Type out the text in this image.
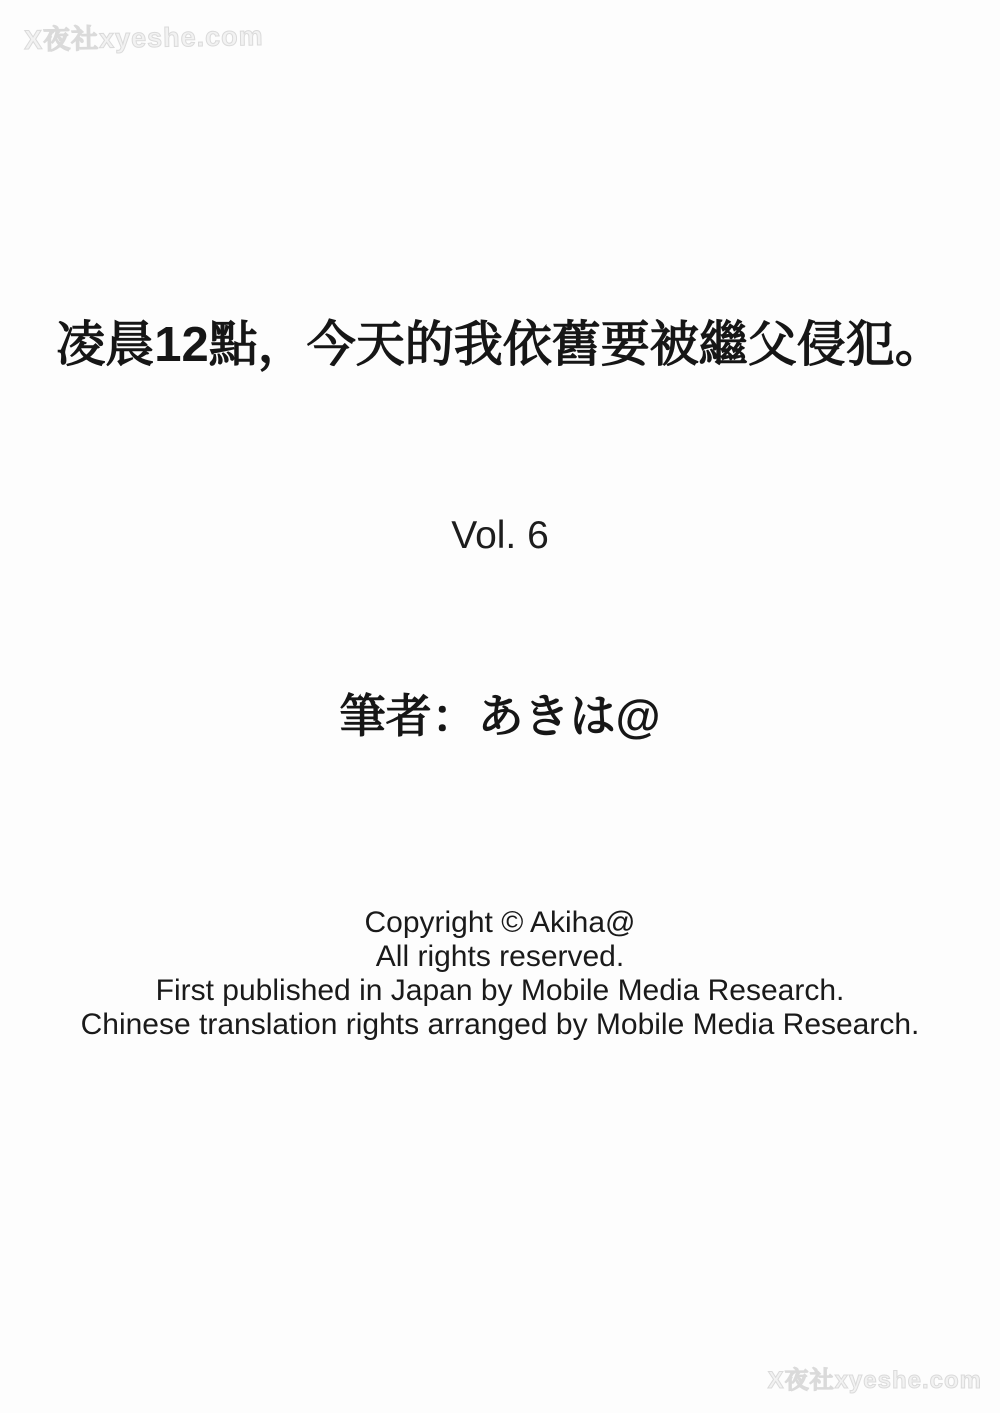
X夜社xyeshe.com
凌晨12點，今天的我依舊要被繼父侵犯。
Vol. 6
筆者：あきは@
Copyright © Akiha@
All rights reserved.
First published in Japan by Mobile Media Research.
Chinese translation rights arranged by Mobile Media Research.
X夜社xyeshe.com
